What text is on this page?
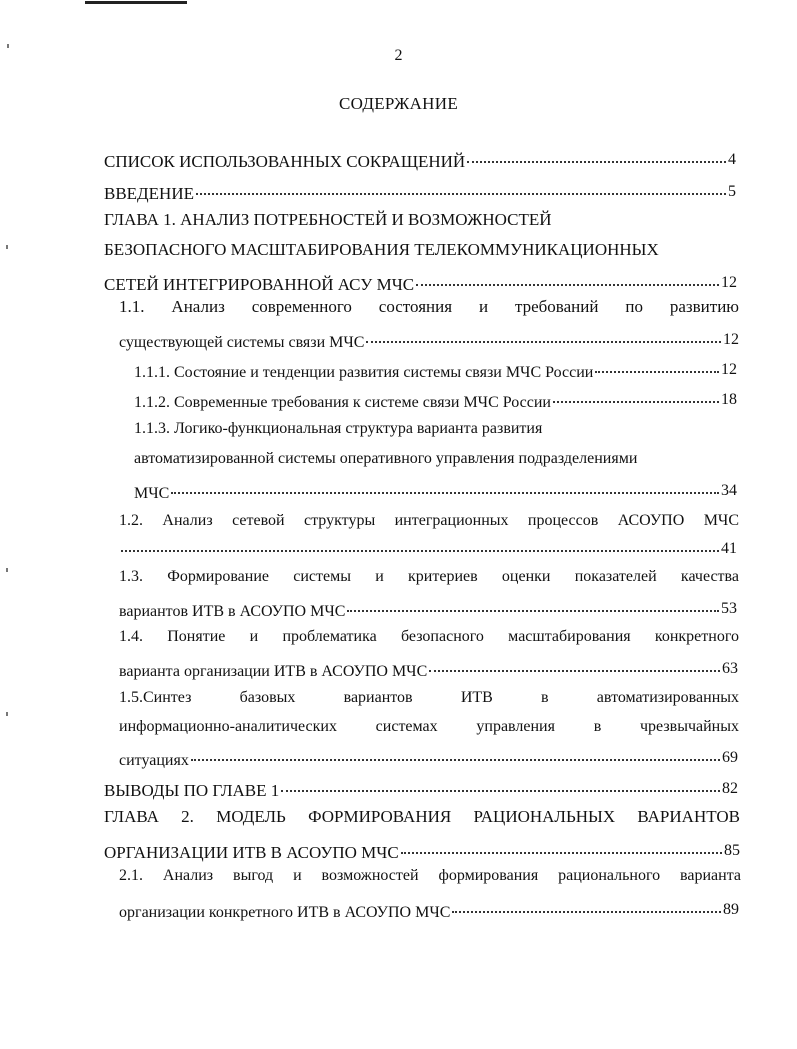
2
СОДЕРЖАНИЕ
СПИСОК ИСПОЛЬЗОВАННЫХ СОКРАЩЕНИЙ	4
ВВЕДЕНИЕ	5
ГЛАВА 1. АНАЛИЗ ПОТРЕБНОСТЕЙ И ВОЗМОЖНОСТЕЙ
БЕЗОПАСНОГО МАСШТАБИРОВАНИЯ ТЕЛЕКОММУНИКАЦИОННЫХ
СЕТЕЙ ИНТЕГРИРОВАННОЙ АСУ МЧС	12
1.1. Анализ современного состояния и требований по развитию
существующей системы связи МЧС	12
1.1.1. Состояние и тенденции развития системы связи МЧС России	12
1.1.2. Современные требования к системе связи МЧС России	18
1.1.3. Логико-функциональная структура варианта развития
автоматизированной системы оперативного управления подразделениями
МЧС	34
1.2. Анализ сетевой структуры интеграционных процессов АСОУПО МЧС
41
1.3. Формирование системы и критериев оценки показателей качества
вариантов ИТВ в АСОУПО МЧС	53
1.4. Понятие и проблематика безопасного масштабирования конкретного
варианта организации ИТВ в АСОУПО МЧС	63
1.5.Синтез базовых вариантов ИТВ в автоматизированных
информационно-аналитических системах управления в чрезвычайных
ситуациях	69
ВЫВОДЫ ПО ГЛАВЕ 1	82
ГЛАВА 2. МОДЕЛЬ ФОРМИРОВАНИЯ РАЦИОНАЛЬНЫХ ВАРИАНТОВ
ОРГАНИЗАЦИИ ИТВ В АСОУПО МЧС	85
2.1. Анализ выгод и возможностей формирования рационального варианта
организации конкретного ИТВ в АСОУПО МЧС	89
